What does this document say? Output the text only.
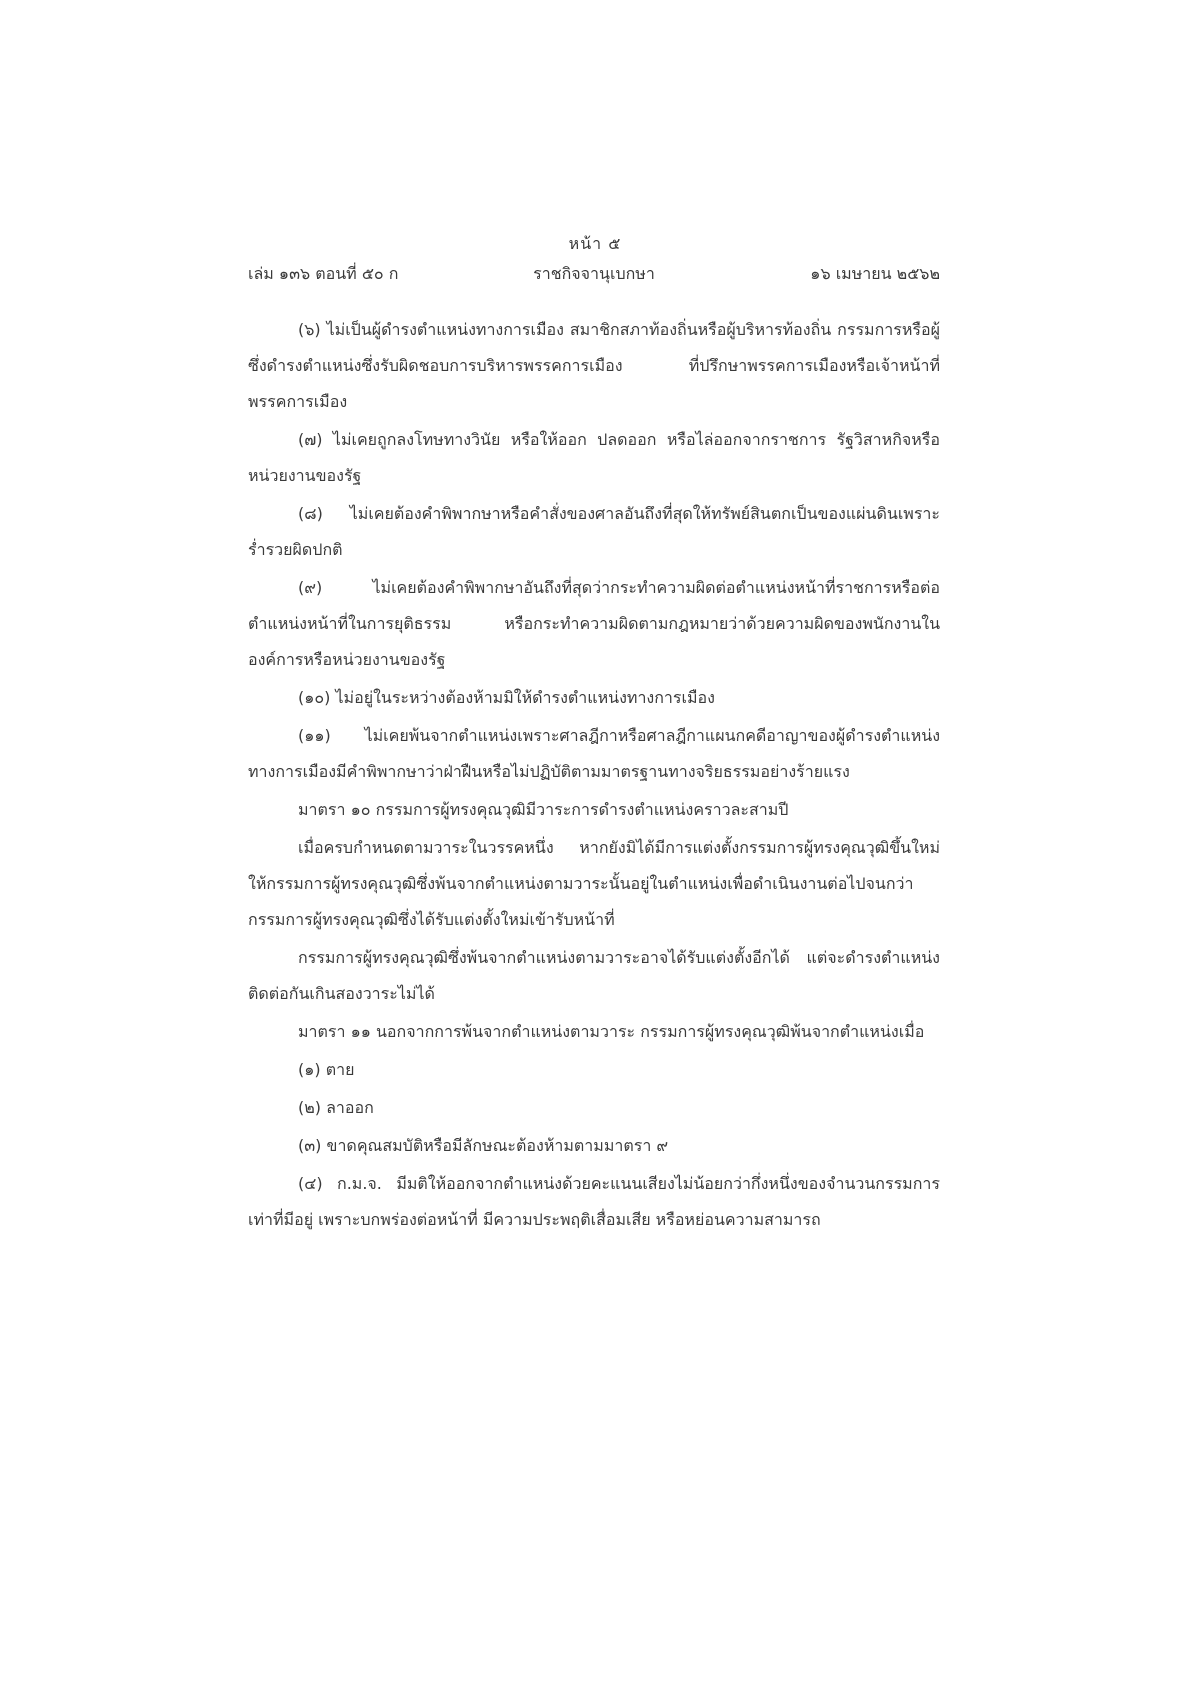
หน้า ๕
เล่ม ๑๓๖ ตอนที่ ๕๐ ก	ราชกิจจานุเบกษา	๑๖ เมษายน ๒๕๖๒

(๖) ไม่เป็นผู้ดำรงตำแหน่งทางการเมือง สมาชิกสภาท้องถิ่นหรือผู้บริหารท้องถิ่น กรรมการหรือผู้ซึ่งดำรงตำแหน่งซึ่งรับผิดชอบการบริหารพรรคการเมือง ที่ปรึกษาพรรคการเมืองหรือเจ้าหน้าที่พรรคการเมือง

(๗) ไม่เคยถูกลงโทษทางวินัย หรือให้ออก ปลดออก หรือไล่ออกจากราชการ รัฐวิสาหกิจหรือหน่วยงานของรัฐ

(๘) ไม่เคยต้องคำพิพากษาหรือคำสั่งของศาลอันถึงที่สุดให้ทรัพย์สินตกเป็นของแผ่นดินเพราะร่ำรวยผิดปกติ

(๙) ไม่เคยต้องคำพิพากษาอันถึงที่สุดว่ากระทำความผิดต่อตำแหน่งหน้าที่ราชการหรือต่อตำแหน่งหน้าที่ในการยุติธรรม หรือกระทำความผิดตามกฎหมายว่าด้วยความผิดของพนักงานในองค์การหรือหน่วยงานของรัฐ

(๑๐) ไม่อยู่ในระหว่างต้องห้ามมิให้ดำรงตำแหน่งทางการเมือง

(๑๑) ไม่เคยพ้นจากตำแหน่งเพราะศาลฎีกาหรือศาลฎีกาแผนกคดีอาญาของผู้ดำรงตำแหน่งทางการเมืองมีคำพิพากษาว่าฝ่าฝืนหรือไม่ปฏิบัติตามมาตรฐานทางจริยธรรมอย่างร้ายแรง

มาตรา ๑๐ กรรมการผู้ทรงคุณวุฒิมีวาระการดำรงตำแหน่งคราวละสามปี

เมื่อครบกำหนดตามวาระในวรรคหนึ่ง หากยังมิได้มีการแต่งตั้งกรรมการผู้ทรงคุณวุฒิขึ้นใหม่ ให้กรรมการผู้ทรงคุณวุฒิซึ่งพ้นจากตำแหน่งตามวาระนั้นอยู่ในตำแหน่งเพื่อดำเนินงานต่อไปจนกว่ากรรมการผู้ทรงคุณวุฒิซึ่งได้รับแต่งตั้งใหม่เข้ารับหน้าที่

กรรมการผู้ทรงคุณวุฒิซึ่งพ้นจากตำแหน่งตามวาระอาจได้รับแต่งตั้งอีกได้ แต่จะดำรงตำแหน่งติดต่อกันเกินสองวาระไม่ได้

มาตรา ๑๑ นอกจากการพ้นจากตำแหน่งตามวาระ กรรมการผู้ทรงคุณวุฒิพ้นจากตำแหน่งเมื่อ

(๑) ตาย

(๒) ลาออก

(๓) ขาดคุณสมบัติหรือมีลักษณะต้องห้ามตามมาตรา ๙

(๔) ก.ม.จ. มีมติให้ออกจากตำแหน่งด้วยคะแนนเสียงไม่น้อยกว่ากึ่งหนึ่งของจำนวนกรรมการเท่าที่มีอยู่ เพราะบกพร่องต่อหน้าที่ มีความประพฤติเสื่อมเสีย หรือหย่อนความสามารถ
